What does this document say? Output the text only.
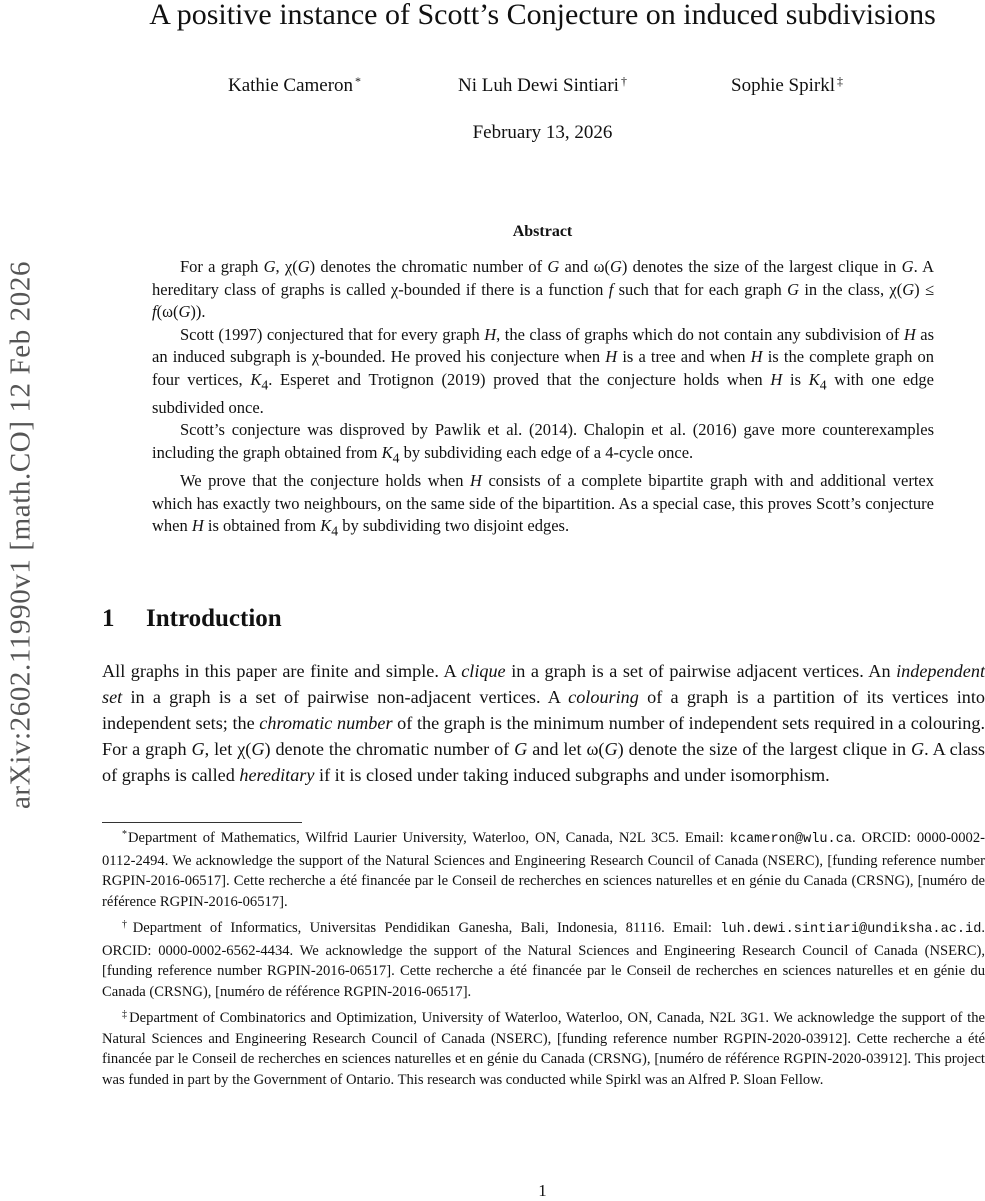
arXiv:2602.11990v1 [math.CO] 12 Feb 2026
A positive instance of Scott’s Conjecture on induced subdivisions
Kathie Cameron *	Ni Luh Dewi Sintiari †	Sophie Spirkl ‡
February 13, 2026
Abstract

For a graph G, χ(G) denotes the chromatic number of G and ω(G) denotes the size of the largest clique in G. A hereditary class of graphs is called χ-bounded if there is a function f such that for each graph G in the class, χ(G) ≤ f(ω(G)).

Scott (1997) conjectured that for every graph H, the class of graphs which do not contain any subdivision of H as an induced subgraph is χ-bounded. He proved his conjecture when H is a tree and when H is the complete graph on four vertices, $K_4$. Esperet and Trotignon (2019) proved that the conjecture holds when H is $K_4$ with one edge subdivided once.

Scott’s conjecture was disproved by Pawlik et al. (2014). Chalopin et al. (2016) gave more counterexamples including the graph obtained from $K_4$ by subdividing each edge of a 4-cycle once.

We prove that the conjecture holds when H consists of a complete bipartite graph with and additional vertex which has exactly two neighbours, on the same side of the bipartition. As a special case, this proves Scott’s conjecture when H is obtained from $K_4$ by subdividing two disjoint edges.

1 Introduction

All graphs in this paper are finite and simple. A clique in a graph is a set of pairwise adjacent vertices. An independent set in a graph is a set of pairwise non-adjacent vertices. A colouring of a graph is a partition of its vertices into independent sets; the chromatic number of the graph is the minimum number of independent sets required in a colouring. For a graph G, let χ(G) denote the chromatic number of G and let ω(G) denote the size of the largest clique in G. A class of graphs is called hereditary if it is closed under taking induced subgraphs and under isomorphism.

*Department of Mathematics, Wilfrid Laurier University, Waterloo, ON, Canada, N2L 3C5. Email: kcameron@wlu.ca. ORCID: 0000-0002-0112-2494. We acknowledge the support of the Natural Sciences and Engineering Research Council of Canada (NSERC), [funding reference number RGPIN-2016-06517]. Cette recherche a été financée par le Conseil de recherches en sciences naturelles et en génie du Canada (CRSNG), [numéro de référence RGPIN-2016-06517].

†Department of Informatics, Universitas Pendidikan Ganesha, Bali, Indonesia, 81116. Email: luh.dewi.sintiari@undiksha.ac.id. ORCID: 0000-0002-6562-4434. We acknowledge the support of the Natural Sciences and Engineering Research Council of Canada (NSERC), [funding reference number RGPIN-2016-06517]. Cette recherche a été financée par le Conseil de recherches en sciences naturelles et en génie du Canada (CRSNG), [numéro de référence RGPIN-2016-06517].

‡Department of Combinatorics and Optimization, University of Waterloo, Waterloo, ON, Canada, N2L 3G1. We acknowledge the support of the Natural Sciences and Engineering Research Council of Canada (NSERC), [funding reference number RGPIN-2020-03912]. Cette recherche a été financée par le Conseil de recherches en sciences naturelles et en génie du Canada (CRSNG), [numéro de référence RGPIN-2020-03912]. This project was funded in part by the Government of Ontario. This research was conducted while Spirkl was an Alfred P. Sloan Fellow.

1
